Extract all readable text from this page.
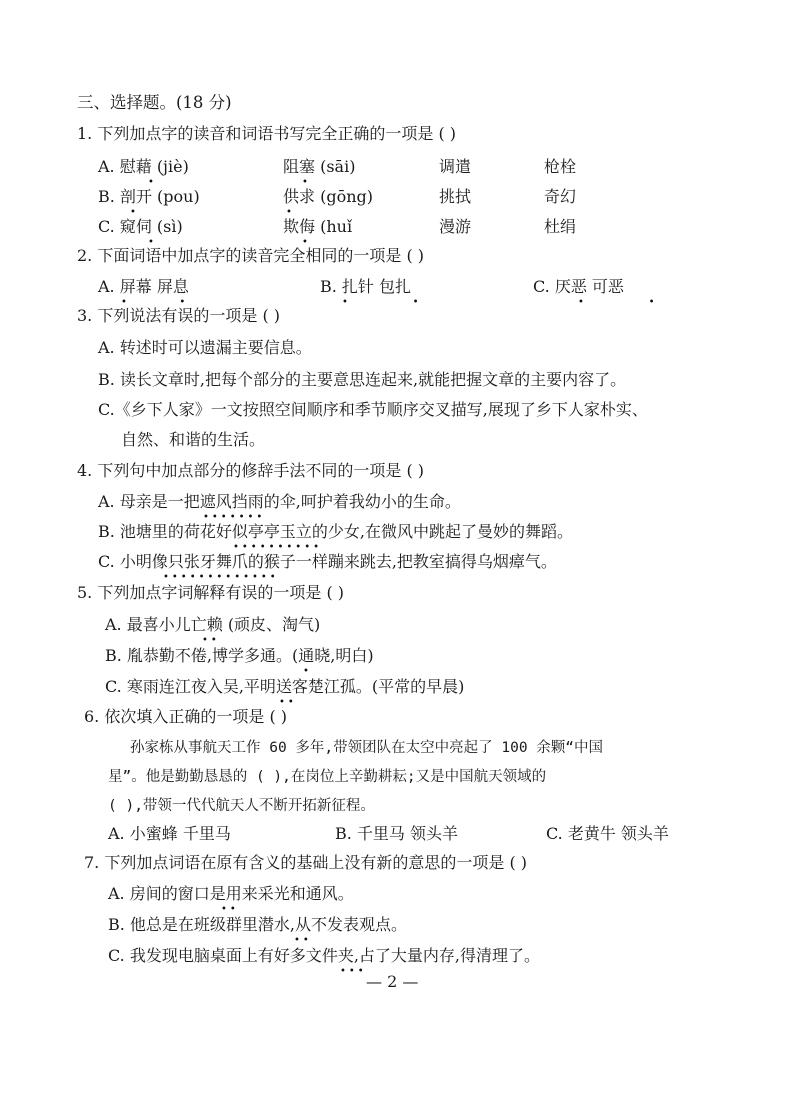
三、选择题。(18 分)
1. 下列加点字的读音和词语书写完全正确的一项是 ( )
A. 慰藉 (jiè)	阻塞 (sāi)	调遣	枪栓
•	•
B. 剖开 (pou)	供求 (gōng)	挑拭	奇幻
•	•
C. 窥伺 (sì)	欺侮 (huǐ	漫游	杜绢
•	•
2. 下面词语中加点字的读音完全相同的一项是 ( )
A. 屏幕 屏息	B. 扎针 包扎	C. 厌恶 可恶
•        •	•          •	•          •
3. 下列说法有误的一项是 ( )
A. 转述时可以遗漏主要信息。
B. 读长文章时,把每个部分的主要意思连起来,就能把握文章的主要内容了。
C.《乡下人家》一文按照空间顺序和季节顺序交叉描写,展现了乡下人家朴实、
自然、和谐的生活。
4. 下列句中加点部分的修辞手法不同的一项是 ( )
A. 母亲是一把遮风挡雨的伞,呵护着我幼小的生命。
•••••••
B. 池塘里的荷花好似亭亭玉立的少女,在微风中跳起了曼妙的舞蹈。
••••••••••
C. 小明像只张牙舞爪的猴子一样蹦来跳去,把教室搞得乌烟瘴气。
•••••••••••••
5. 下列加点字词解释有误的一项是 ( )
A. 最喜小儿亡赖 (顽皮、淘气)
••
B. 胤恭勤不倦,博学多通。(通晓,明白)
•
C. 寒雨连江夜入吴,平明送客楚江孤。(平常的早晨)
••
6. 依次填入正确的一项是 ( )
孙家栋从事航天工作 60 多年,带领团队在太空中亮起了 100 余颗“中国
星”。他是勤勤恳恳的 ( ),在岗位上辛勤耕耘;又是中国航天领域的
( ),带领一代代航天人不断开拓新征程。
A. 小蜜蜂 千里马	B. 千里马 领头羊	C. 老黄牛 领头羊
7. 下列加点词语在原有含义的基础上没有新的意思的一项是 ( )
A. 房间的窗口是用来采光和通风。
••
B. 他总是在班级群里潜水,从不发表观点。
••
C. 我发现电脑桌面上有好多文件夹,占了大量内存,得清理了。
•••
— 2 —
